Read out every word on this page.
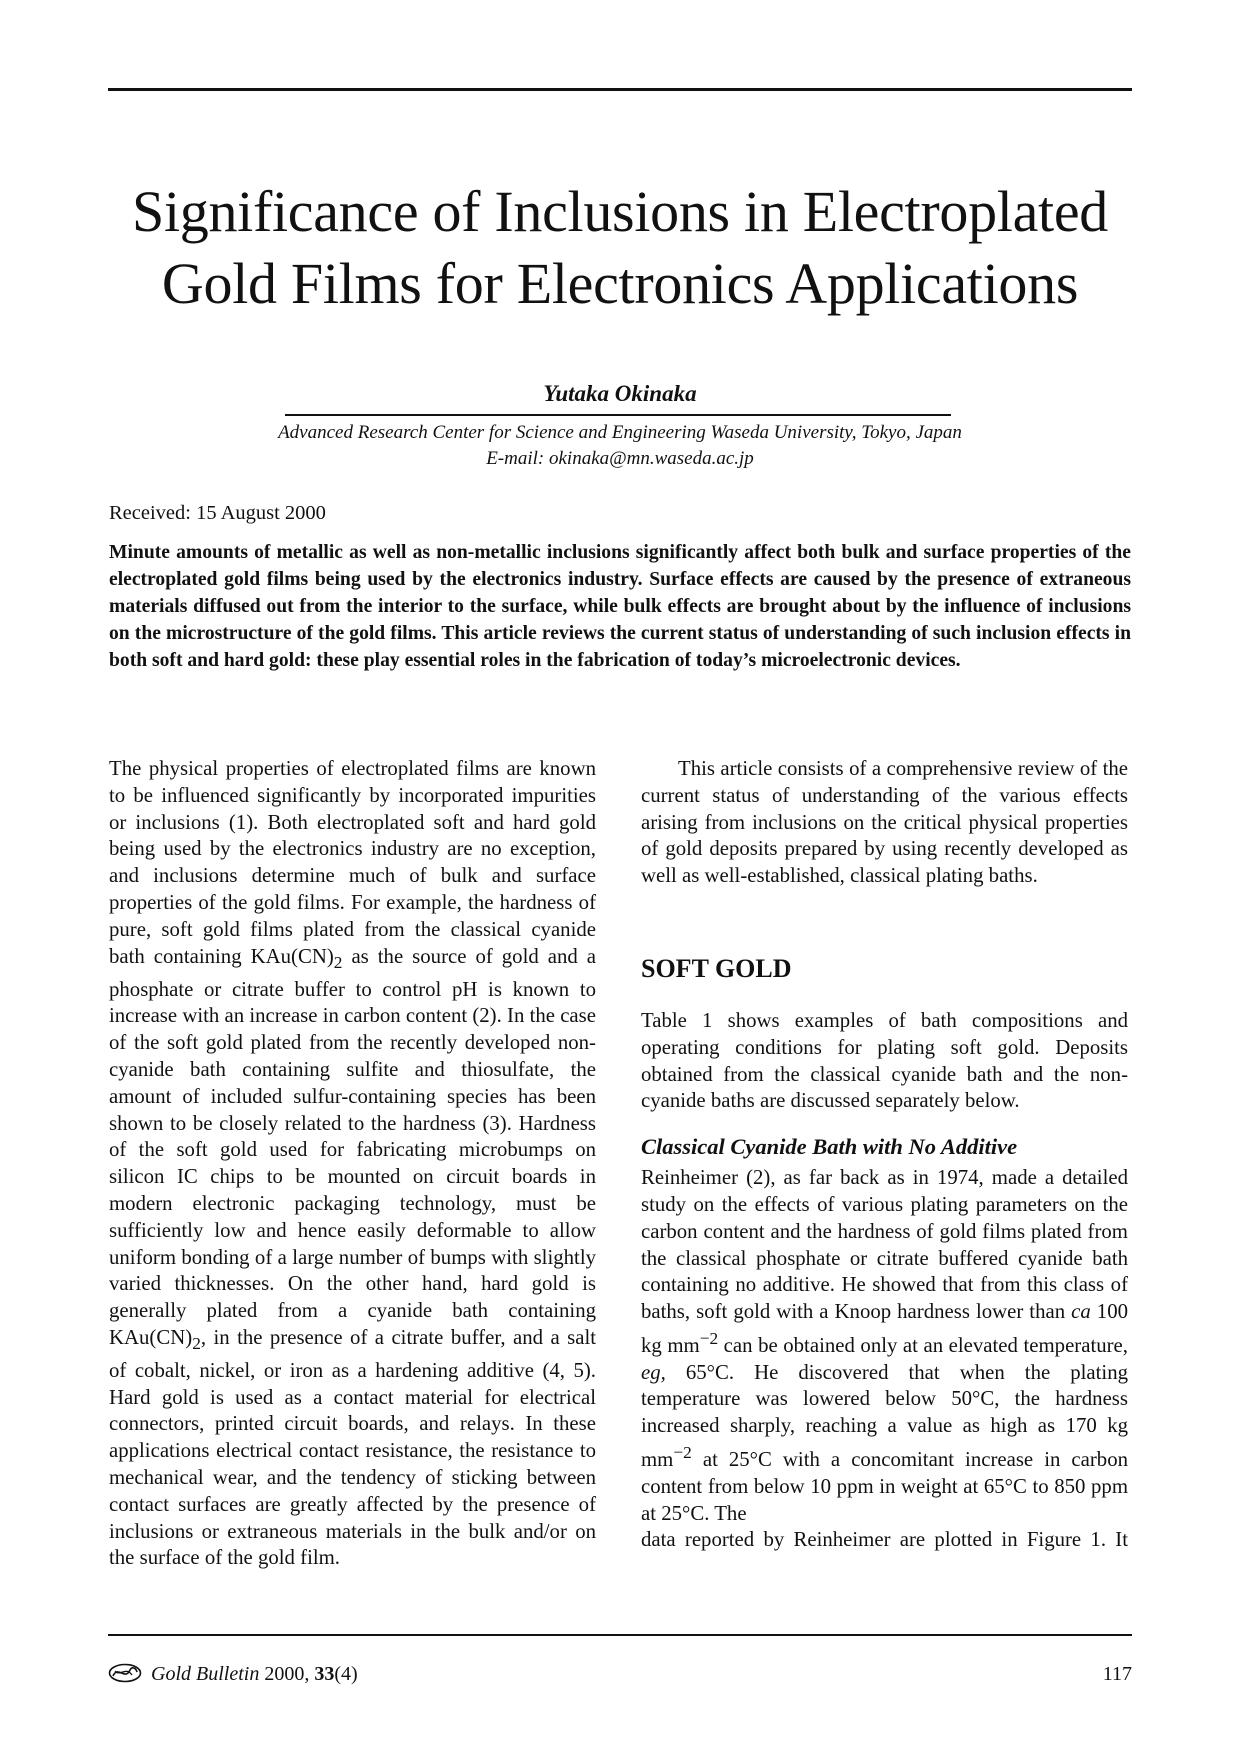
Significance of Inclusions in Electroplated
Gold Films for Electronics Applications
Yutaka Okinaka
Advanced Research Center for Science and Engineering Waseda University, Tokyo, Japan
E-mail: okinaka@mn.waseda.ac.jp
Received: 15 August 2000

Minute amounts of metallic as well as non-metallic inclusions significantly affect both bulk and surface properties of the electroplated gold films being used by the electronics industry. Surface effects are caused by the presence of extraneous materials diffused out from the interior to the surface, while bulk effects are brought about by the influence of inclusions on the microstructure of the gold films. This article reviews the current status of understanding of such inclusion effects in both soft and hard gold: these play essential roles in the fabrication of today’s microelectronic devices.

The physical properties of electroplated films are known to be influenced significantly by incorporated impurities or inclusions (1). Both electroplated soft and hard gold being used by the electronics industry are no exception, and inclusions determine much of bulk and surface properties of the gold films. For example, the hardness of pure, soft gold films plated from the classical cyanide bath containing $KAu(CN)_2$ as the source of gold and a phosphate or citrate buffer to control pH is known to increase with an increase in carbon content (2). In the case of the soft gold plated from the recently developed non-cyanide bath containing sulfite and thiosulfate, the amount of included sulfur-containing species has been shown to be closely related to the hardness (3). Hardness of the soft gold used for fabricating microbumps on silicon IC chips to be mounted on circuit boards in modern electronic packaging technology, must be sufficiently low and hence easily deformable to allow uniform bonding of a large number of bumps with slightly varied thicknesses. On the other hand, hard gold is generally plated from a cyanide bath containing $KAu(CN)_2$, in the presence of a citrate buffer, and a salt of cobalt, nickel, or iron as a hardening additive (4, 5). Hard gold is used as a contact material for electrical connectors, printed circuit boards, and relays. In these applications electrical contact resistance, the resistance to mechanical wear, and the tendency of sticking between contact surfaces are greatly affected by the presence of inclusions or extraneous materials in the bulk and/or on the surface of the gold film.

This article consists of a comprehensive review of the current status of understanding of the various effects arising from inclusions on the critical physical properties of gold deposits prepared by using recently developed as well as well-established, classical plating baths.

SOFT GOLD

Table 1 shows examples of bath compositions and operating conditions for plating soft gold. Deposits obtained from the classical cyanide bath and the non-cyanide baths are discussed separately below.

Classical Cyanide Bath with No Additive

Reinheimer (2), as far back as in 1974, made a detailed study on the effects of various plating parameters on the carbon content and the hardness of gold films plated from the classical phosphate or citrate buffered cyanide bath containing no additive. He showed that from this class of baths, soft gold with a Knoop hardness lower than ca 100 kg $mm^{-2}$ can be obtained only at an elevated temperature, eg, 65°C. He discovered that when the plating temperature was lowered below 50°C, the hardness increased sharply, reaching a value as high as 170 kg $mm^{-2}$ at 25°C with a concomitant increase in carbon content from below 10 ppm in weight at 65°C to 850 ppm at 25°C. The
data reported by Reinheimer are plotted in Figure 1. It

Gold Bulletin 2000, 33(4)	117
